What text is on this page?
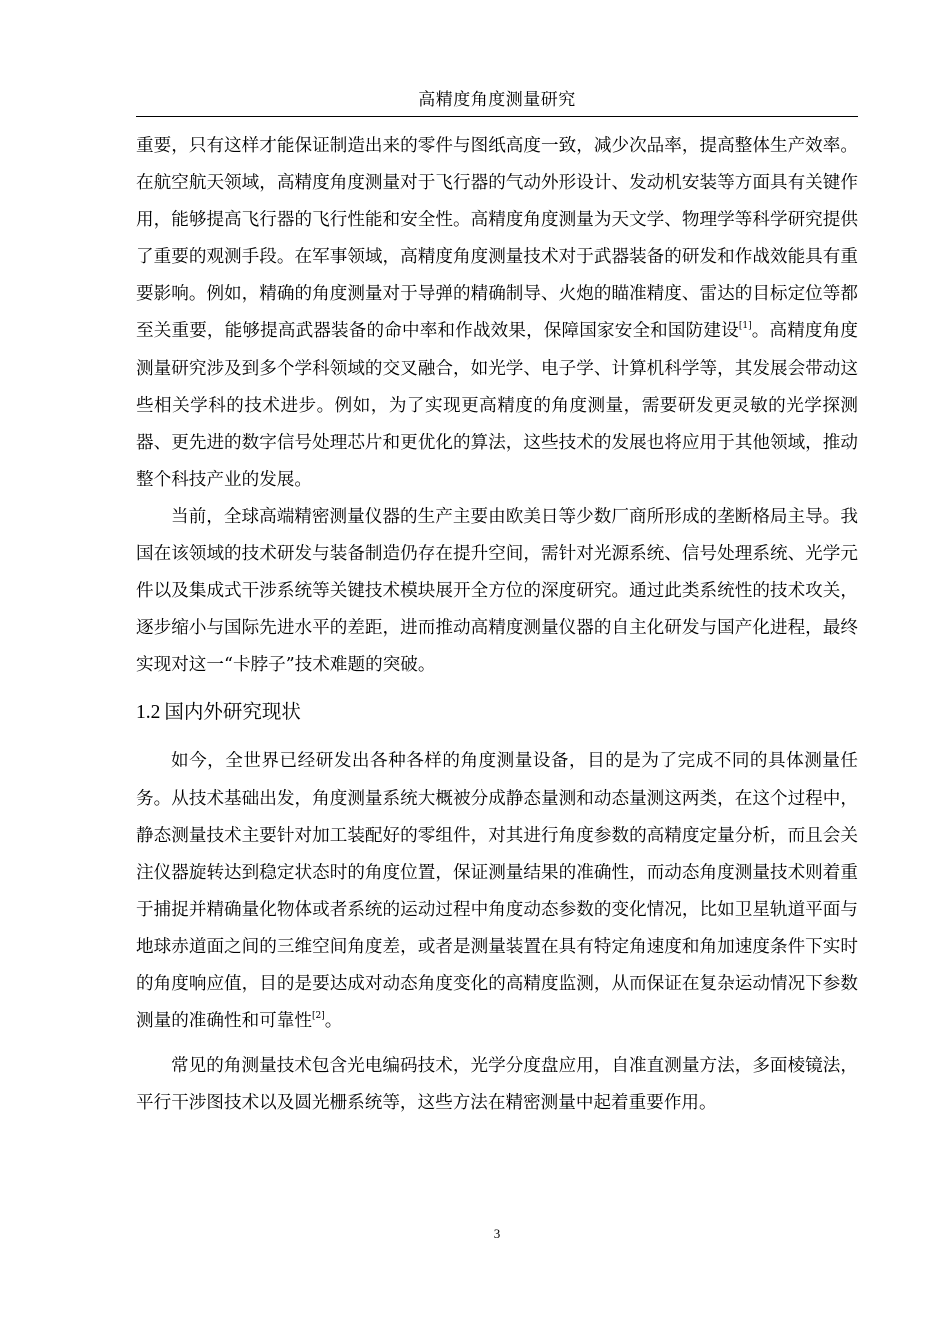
高精度角度测量研究

重要，只有这样才能保证制造出来的零件与图纸高度一致，减少次品率，提高整体生产效率。在航空航天领域，高精度角度测量对于飞行器的气动外形设计、发动机安装等方面具有关键作用，能够提高飞行器的飞行性能和安全性。高精度角度测量为天文学、物理学等科学研究提供了重要的观测手段。在军事领域，高精度角度测量技术对于武器装备的研发和作战效能具有重要影响。例如，精确的角度测量对于导弹的精确制导、火炮的瞄准精度、雷达的目标定位等都至关重要，能够提高武器装备的命中率和作战效果，保障国家安全和国防建设[1]。高精度角度测量研究涉及到多个学科领域的交叉融合，如光学、电子学、计算机科学等，其发展会带动这些相关学科的技术进步。例如，为了实现更高精度的角度测量，需要研发更灵敏的光学探测器、更先进的数字信号处理芯片和更优化的算法，这些技术的发展也将应用于其他领域，推动整个科技产业的发展。

当前，全球高端精密测量仪器的生产主要由欧美日等少数厂商所形成的垄断格局主导。我国在该领域的技术研发与装备制造仍存在提升空间，需针对光源系统、信号处理系统、光学元件以及集成式干涉系统等关键技术模块展开全方位的深度研究。通过此类系统性的技术攻关，逐步缩小与国际先进水平的差距，进而推动高精度测量仪器的自主化研发与国产化进程，最终实现对这一“卡脖子”技术难题的突破。

1.2 国内外研究现状

如今，全世界已经研发出各种各样的角度测量设备，目的是为了完成不同的具体测量任务。从技术基础出发，角度测量系统大概被分成静态量测和动态量测这两类，在这个过程中，静态测量技术主要针对加工装配好的零组件，对其进行角度参数的高精度定量分析，而且会关注仪器旋转达到稳定状态时的角度位置，保证测量结果的准确性，而动态角度测量技术则着重于捕捉并精确量化物体或者系统的运动过程中角度动态参数的变化情况，比如卫星轨道平面与地球赤道面之间的三维空间角度差，或者是测量装置在具有特定角速度和角加速度条件下实时的角度响应值，目的是要达成对动态角度变化的高精度监测，从而保证在复杂运动情况下参数测量的准确性和可靠性[2]。

常见的角测量技术包含光电编码技术，光学分度盘应用，自准直测量方法，多面棱镜法，平行干涉图技术以及圆光栅系统等，这些方法在精密测量中起着重要作用。

3
